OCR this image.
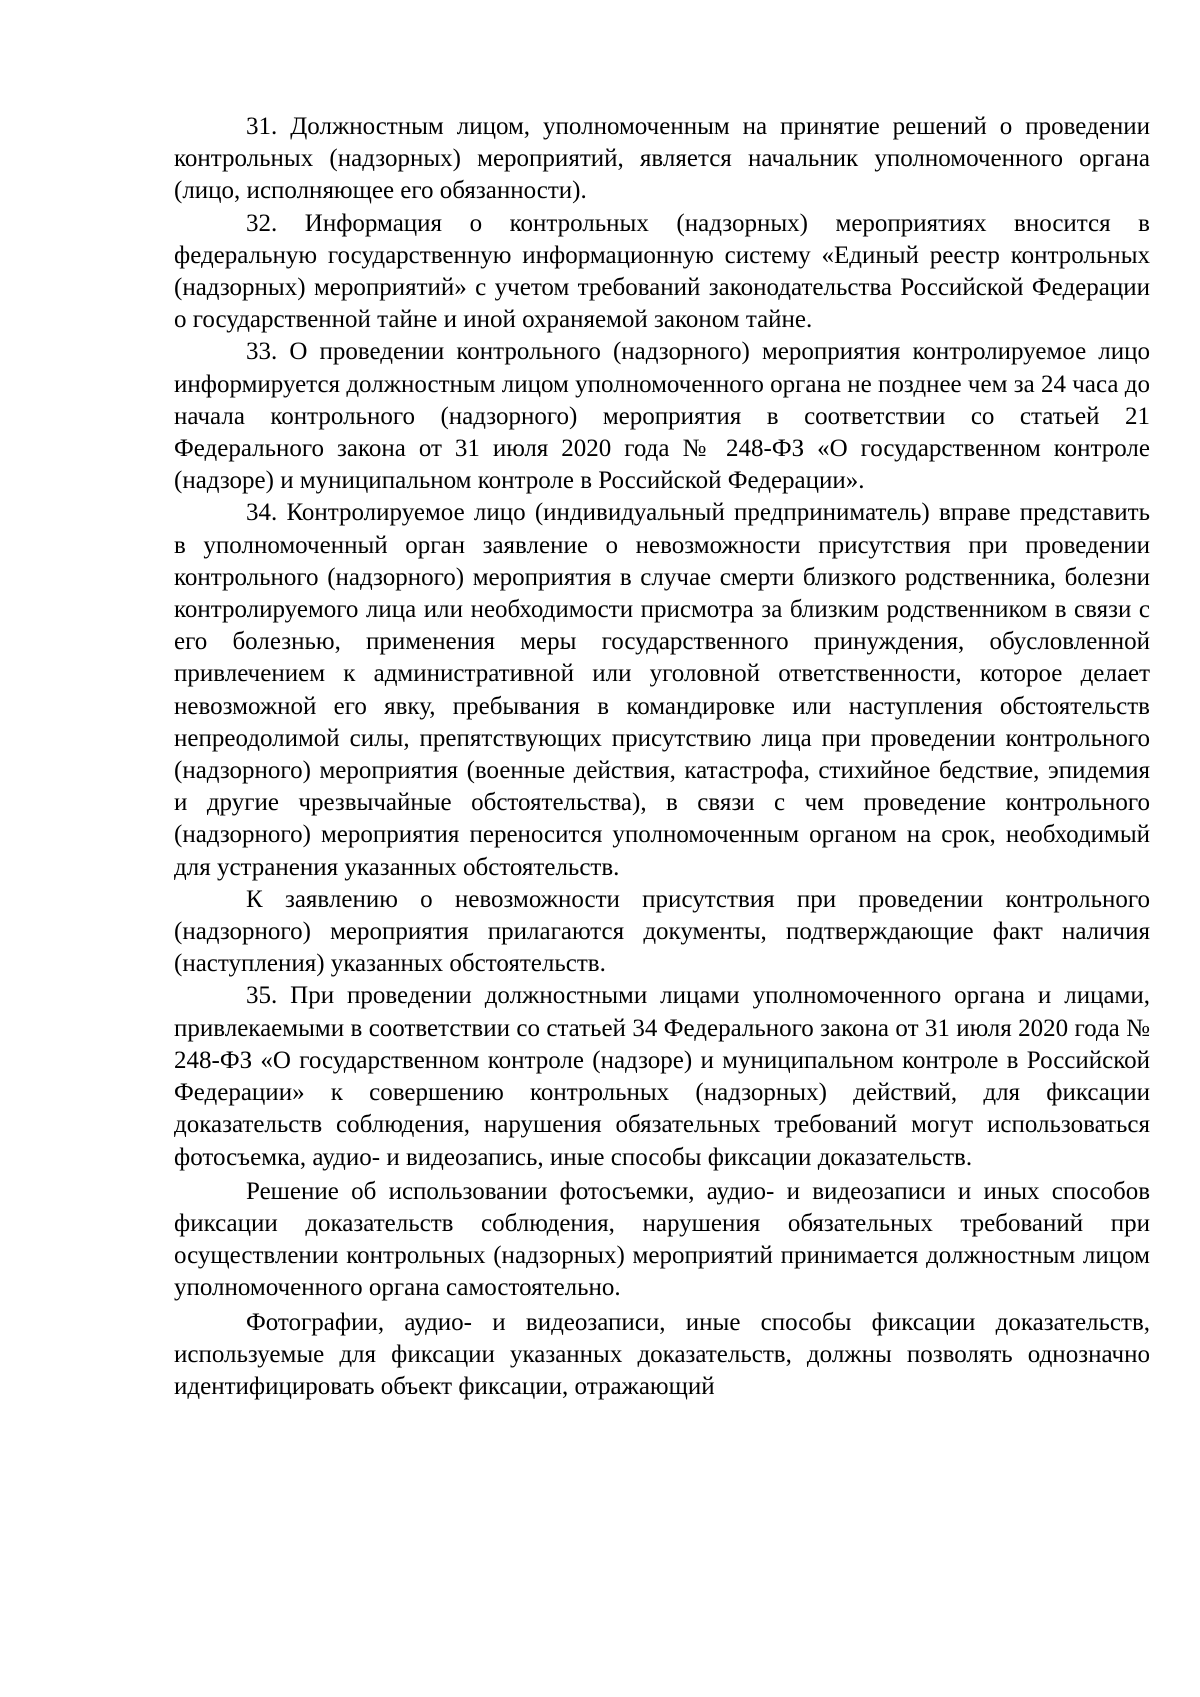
31. Должностным лицом, уполномоченным на принятие решений о проведении контрольных (надзорных) мероприятий, является начальник уполномоченного органа (лицо, исполняющее его обязанности).

32. Информация о контрольных (надзорных) мероприятиях вносится в федеральную государственную информационную систему «Единый реестр контрольных (надзорных) мероприятий» с учетом требований законодательства Российской Федерации о государственной тайне и иной охраняемой законом тайне.

33. О проведении контрольного (надзорного) мероприятия контролируемое лицо информируется должностным лицом уполномоченного органа не позднее чем за 24 часа до начала контрольного (надзорного) мероприятия в соответствии со статьей 21 Федерального закона от 31 июля 2020 года № 248-ФЗ «О государственном контроле (надзоре) и муниципальном контроле в Российской Федерации».

34. Контролируемое лицо (индивидуальный предприниматель) вправе представить в уполномоченный орган заявление о невозможности присутствия при проведении контрольного (надзорного) мероприятия в случае смерти близкого родственника, болезни контролируемого лица или необходимости присмотра за близким родственником в связи с его болезнью, применения меры государственного принуждения, обусловленной привлечением к административной или уголовной ответственности, которое делает невозможной его явку, пребывания в командировке или наступления обстоятельств непреодолимой силы, препятствующих присутствию лица при проведении контрольного (надзорного) мероприятия (военные действия, катастрофа, стихийное бедствие, эпидемия и другие чрезвычайные обстоятельства), в связи с чем проведение контрольного (надзорного) мероприятия переносится уполномоченным органом на срок, необходимый для устранения указанных обстоятельств.

К заявлению о невозможности присутствия при проведении контрольного (надзорного) мероприятия прилагаются документы, подтверждающие факт наличия (наступления) указанных обстоятельств.

35. При проведении должностными лицами уполномоченного органа и лицами, привлекаемыми в соответствии со статьей 34 Федерального закона от 31 июля 2020 года № 248-ФЗ «О государственном контроле (надзоре) и муниципальном контроле в Российской Федерации» к совершению контрольных (надзорных) действий, для фиксации доказательств соблюдения, нарушения обязательных требований могут использоваться фотосъемка, аудио- и видеозапись, иные способы фиксации доказательств.

Решение об использовании фотосъемки, аудио- и видеозаписи и иных способов фиксации доказательств соблюдения, нарушения обязательных требований при осуществлении контрольных (надзорных) мероприятий принимается должностным лицом уполномоченного органа самостоятельно.

Фотографии, аудио- и видеозаписи, иные способы фиксации доказательств, используемые для фиксации указанных доказательств, должны позволять однозначно идентифицировать объект фиксации, отражающий
